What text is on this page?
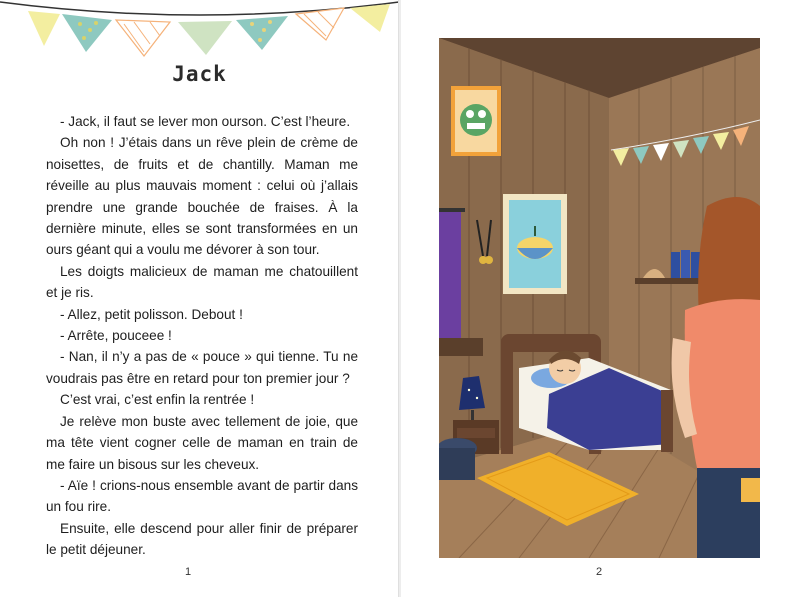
Jack

- Jack, il faut se lever mon ourson. C’est l’heure.

Oh non ! J’étais dans un rêve plein de crème de noisettes, de fruits et de chantilly. Maman me réveille au plus mauvais moment : celui où j’allais prendre une grande bouchée de fraises. À la dernière minute, elles se sont transformées en un ours géant qui a voulu me dévorer à son tour.

Les doigts malicieux de maman me chatouillent et je ris.

- Allez, petit polisson. Debout !

- Arrête, pouceee !

- Nan, il n’y a pas de « pouce » qui tienne. Tu ne voudrais pas être en retard pour ton premier jour ?

C’est vrai, c’est enfin la rentrée !

Je relève mon buste avec tellement de joie, que ma tête vient cogner celle de maman en train de me faire un bisous sur les cheveux.

- Aïe ! crions-nous ensemble avant de partir dans un fou rire.

Ensuite, elle descend pour aller finir de préparer le petit déjeuner.

1	2
